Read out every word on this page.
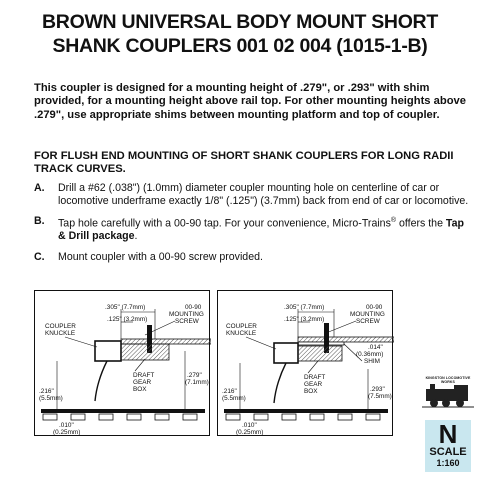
BROWN UNIVERSAL BODY MOUNT SHORT
SHANK COUPLERS 001 02 004 (1015-1-B)
This coupler is designed for a mounting height of .279", or .293" with shim provided, for a mounting height above rail top. For other mounting heights above .279", use appropriate shims between mounting platform and top of coupler.
FOR FLUSH END MOUNTING OF SHORT SHANK COUPLERS FOR LONG RADII TRACK CURVES.
A.	Drill a #62 (.038") (1.0mm) diameter coupler mounting hole on centerline of car or locomotive underframe exactly 1/8" (.125") (3.7mm) back from end of car or locomotive.
B.	Tap hole carefully with a 00-90 tap. For your convenience, Micro-Trains® offers the Tap & Drill package.
C.	Mount coupler with a 00-90 screw provided.
.305" (7.7mm)
.125" (3.2mm)
00-90
MOUNTING
SCREW
COUPLER
KNUCKLE
DRAFT
GEAR
BOX
.216"
(5.5mm)
.279"
(7.1mm)
.010"
(0.25mm)
.305" (7.7mm)
.125" (3.2mm)
00-90
MOUNTING
SCREW
COUPLER
KNUCKLE
.014"
(0.36mm)
SHIM
DRAFT
GEAR
BOX
.216"
(5.5mm)
.293"
(7.5mm)
.010"
(0.25mm)
KINGSTON LOCOMOTIVE WORKS
N
SCALE
1:160
